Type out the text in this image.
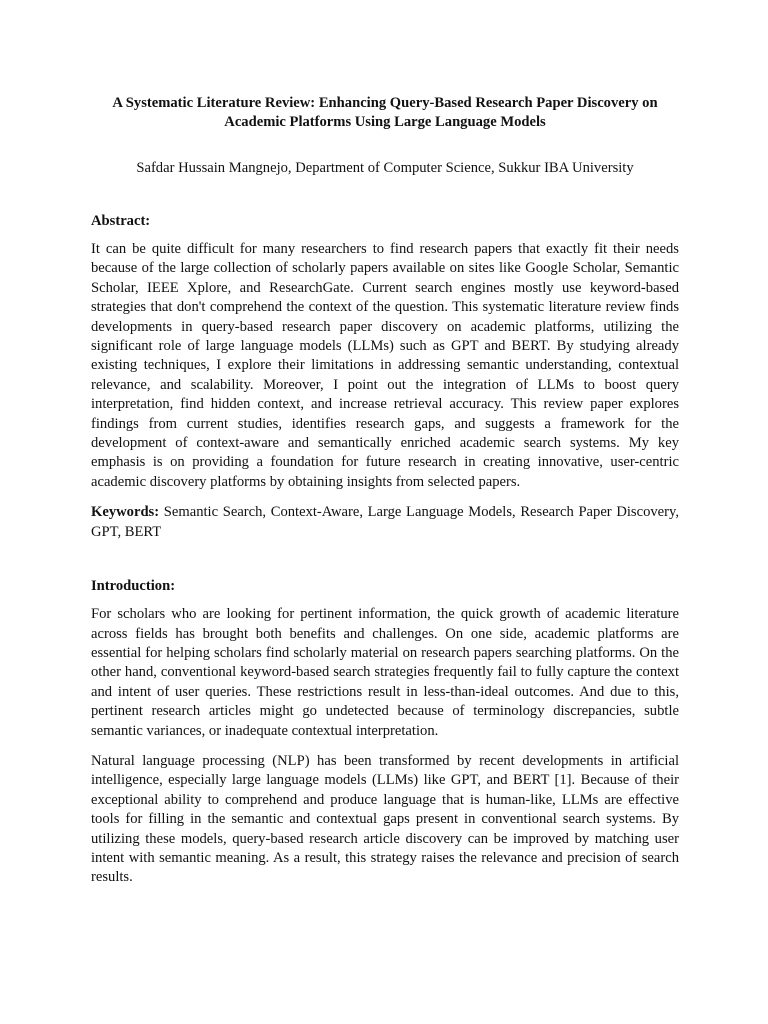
A Systematic Literature Review: Enhancing Query-Based Research Paper Discovery on Academic Platforms Using Large Language Models

Safdar Hussain Mangnejo, Department of Computer Science, Sukkur IBA University

Abstract:

It can be quite difficult for many researchers to find research papers that exactly fit their needs because of the large collection of scholarly papers available on sites like Google Scholar, Semantic Scholar, IEEE Xplore, and ResearchGate. Current search engines mostly use keyword-based strategies that don't comprehend the context of the question. This systematic literature review finds developments in query-based research paper discovery on academic platforms, utilizing the significant role of large language models (LLMs) such as GPT and BERT. By studying already existing techniques, I explore their limitations in addressing semantic understanding, contextual relevance, and scalability. Moreover, I point out the integration of LLMs to boost query interpretation, find hidden context, and increase retrieval accuracy. This review paper explores findings from current studies, identifies research gaps, and suggests a framework for the development of context-aware and semantically enriched academic search systems. My key emphasis is on providing a foundation for future research in creating innovative, user-centric academic discovery platforms by obtaining insights from selected papers.

Keywords: Semantic Search, Context-Aware, Large Language Models, Research Paper Discovery, GPT, BERT

Introduction:

For scholars who are looking for pertinent information, the quick growth of academic literature across fields has brought both benefits and challenges. On one side, academic platforms are essential for helping scholars find scholarly material on research papers searching platforms. On the other hand, conventional keyword-based search strategies frequently fail to fully capture the context and intent of user queries. These restrictions result in less-than-ideal outcomes. And due to this, pertinent research articles might go undetected because of terminology discrepancies, subtle semantic variances, or inadequate contextual interpretation.

Natural language processing (NLP) has been transformed by recent developments in artificial intelligence, especially large language models (LLMs) like GPT, and BERT [1]. Because of their exceptional ability to comprehend and produce language that is human-like, LLMs are effective tools for filling in the semantic and contextual gaps present in conventional search systems. By utilizing these models, query-based research article discovery can be improved by matching user intent with semantic meaning. As a result, this strategy raises the relevance and precision of search results.
